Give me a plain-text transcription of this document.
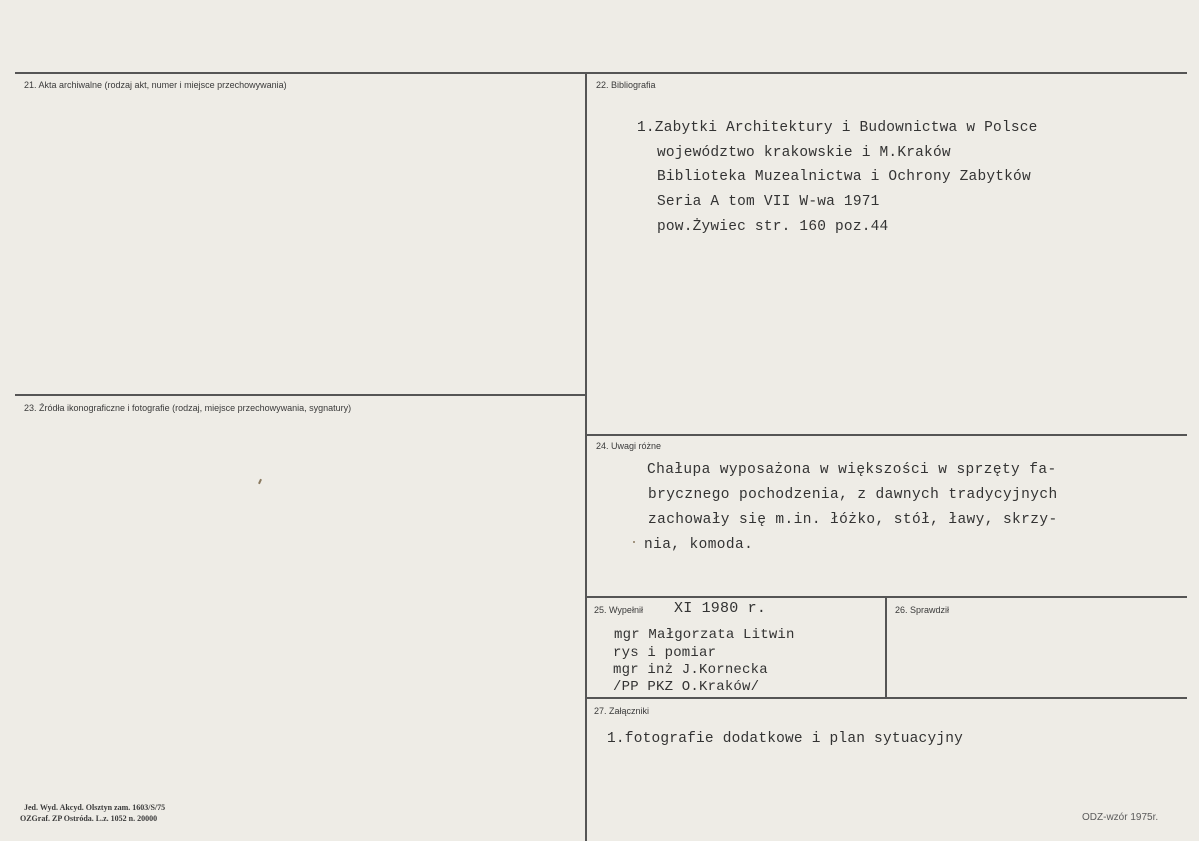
21. Akta archiwalne (rodzaj akt, numer i miejsce przechowywania)	22. Bibliografia
1.Zabytki Architektury i Budownictwa w Polsce
województwo krakowskie i M.Kraków
Biblioteka Muzealnictwa i Ochrony Zabytków
Seria A tom VII W-wa 1971
pow.Żywiec str. 160 poz.44
23. Źródła ikonograficzne i fotografie (rodzaj, miejsce przechowywania, sygnatury)
24. Uwagi różne
Chałupa wyposażona w większości w sprzęty fa-
brycznego pochodzenia, z dawnych tradycyjnych
zachowały się m.in. łóżko, stół, ławy, skrzy-
nia, komoda.
25. Wypełnił XI 1980 r.
mgr Małgorzata Litwin
rys i pomiar
mgr inż J.Kornecka
/PP PKZ O.Kraków/
26. Sprawdził
27. Załączniki
1.fotografie dodatkowe i plan sytuacyjny
Jed. Wyd. Akcyd. Olsztyn zam. 1603/S/75
OZGraf. ZP Ostróda. L.z. 1052 n. 20000	ODZ-wzór 1975r.
